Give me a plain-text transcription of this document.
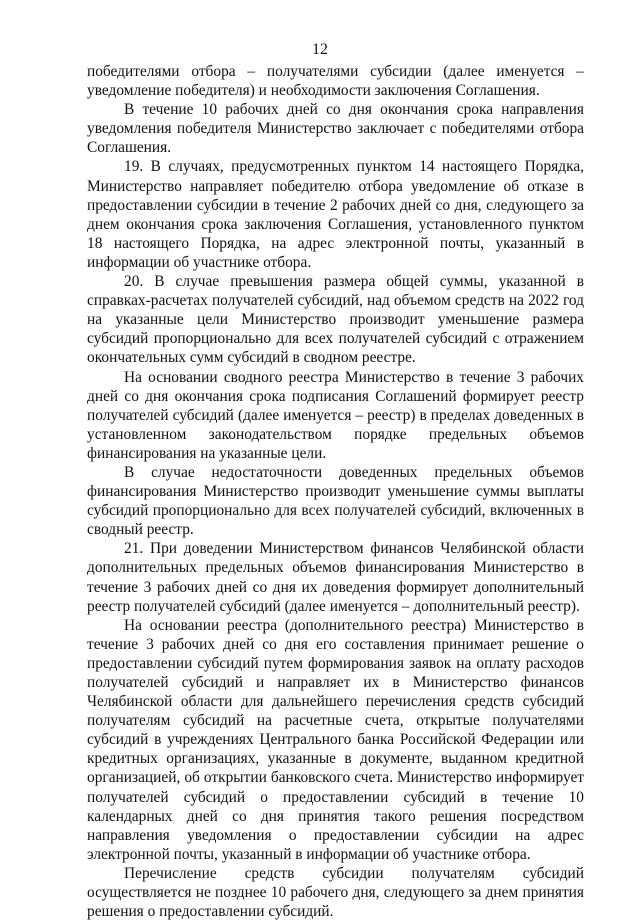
12

победителями отбора – получателями субсидии (далее именуется – уведомление победителя) и необходимости заключения Соглашения.

В течение 10 рабочих дней со дня окончания срока направления уведомления победителя Министерство заключает с победителями отбора Соглашения.

19. В случаях, предусмотренных пунктом 14 настоящего Порядка, Министерство направляет победителю отбора уведомление об отказе в предоставлении субсидии в течение 2 рабочих дней со дня, следующего за днем окончания срока заключения Соглашения, установленного пунктом 18 настоящего Порядка, на адрес электронной почты, указанный в информации об участнике отбора.

20. В случае превышения размера общей суммы, указанной в справках-расчетах получателей субсидий, над объемом средств на 2022 год на указанные цели Министерство производит уменьшение размера субсидий пропорционально для всех получателей субсидий с отражением окончательных сумм субсидий в сводном реестре.

На основании сводного реестра Министерство в течение 3 рабочих дней со дня окончания срока подписания Соглашений формирует реестр получателей субсидий (далее именуется – реестр) в пределах доведенных в установленном законодательством порядке предельных объемов финансирования на указанные цели.

В случае недостаточности доведенных предельных объемов финансирования Министерство производит уменьшение суммы выплаты субсидий пропорционально для всех получателей субсидий, включенных в сводный реестр.

21. При доведении Министерством финансов Челябинской области дополнительных предельных объемов финансирования Министерство в течение 3 рабочих дней со дня их доведения формирует дополнительный реестр получателей субсидий (далее именуется – дополнительный реестр).

На основании реестра (дополнительного реестра) Министерство в течение 3 рабочих дней со дня его составления принимает решение о предоставлении субсидий путем формирования заявок на оплату расходов получателей субсидий и направляет их в Министерство финансов Челябинской области для дальнейшего перечисления средств субсидий получателям субсидий на расчетные счета, открытые получателями субсидий в учреждениях Центрального банка Российской Федерации или кредитных организациях, указанные в документе, выданном кредитной организацией, об открытии банковского счета. Министерство информирует получателей субсидий о предоставлении субсидий в течение 10 календарных дней со дня принятия такого решения посредством направления уведомления о предоставлении субсидии на адрес электронной почты, указанный в информации об участнике отбора.

Перечисление средств субсидии получателям субсидий осуществляется не позднее 10 рабочего дня, следующего за днем принятия решения о предоставлении субсидий.
